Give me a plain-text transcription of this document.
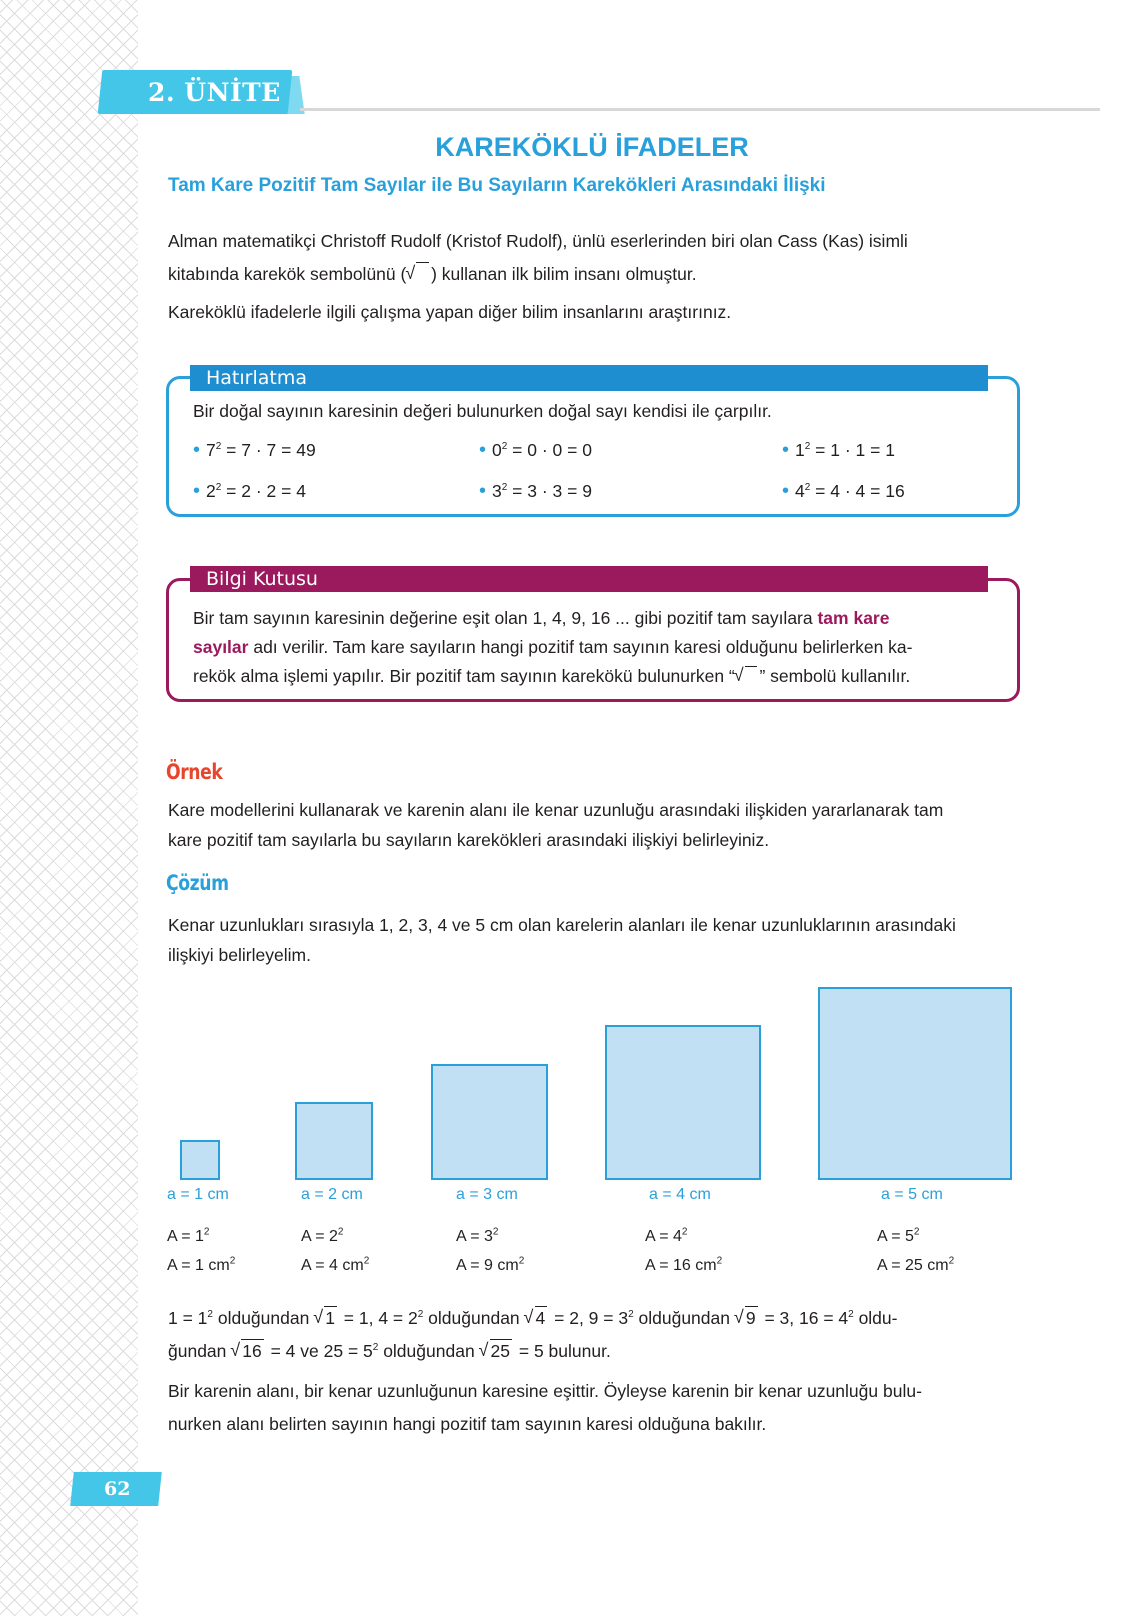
2. ÜNİTE
KAREKÖKLÜ İFADELER
Tam Kare Pozitif Tam Sayılar ile Bu Sayıların Karekökleri Arasındaki İlişki
Alman matematikçi Christoff Rudolf (Kristof Rudolf), ünlü eserlerinden biri olan Cass (Kas) isimli
kitabında karekök sembolünü ( √ ) kullanan ilk bilim insanı olmuştur.
Kareköklü ifadelerle ilgili çalışma yapan diğer bilim insanlarını araştırınız.
Hatırlatma
Bir doğal sayının karesinin değeri bulunurken doğal sayı kendisi ile çarpılır.
• $7^2 = 7 \cdot 7 = 49$	• $0^2 = 0 \cdot 0 = 0$	• $1^2 = 1 \cdot 1 = 1$
• $2^2 = 2 \cdot 2 = 4$	• $3^2 = 3 \cdot 3 = 9$	• $4^2 = 4 \cdot 4 = 16$
Bilgi Kutusu
Bir tam sayının karesinin değerine eşit olan 1, 4, 9, 16 ... gibi pozitif tam sayılara tam kare
sayılar adı verilir. Tam kare sayıların hangi pozitif tam sayının karesi olduğunu belirlerken ka-
rekök alma işlemi yapılır. Bir pozitif tam sayının karekökü bulunurken “ √ ” sembolü kullanılır.
Örnek
Kare modellerini kullanarak ve karenin alanı ile kenar uzunluğu arasındaki ilişkiden yararlanarak tam
kare pozitif tam sayılarla bu sayıların karekökleri arasındaki ilişkiyi belirleyiniz.
Çözüm
Kenar uzunlukları sırasıyla 1, 2, 3, 4 ve 5 cm olan karelerin alanları ile kenar uzunluklarının arasındaki
ilişkiyi belirleyelim.
a = 1 cm	a = 2 cm	a = 3 cm	a = 4 cm	a = 5 cm
$A = 1^2$	$A = 2^2$	$A = 3^2$	$A = 4^2$	$A = 5^2$
A = 1 $cm^2$	A = 4 $cm^2$	A = 9 $cm^2$	A = 16 $cm^2$	A = 25 $cm^2$
$1 = 1^2$ olduğundan √ 1 = 1, $4 = 2^2$ olduğundan √ 4 = 2, $9 = 3^2$ olduğundan √ 9 = 3, $16 = 4^2$ oldu-
ğundan √ 16 = 4 ve $25 = 5^2$ olduğundan √ 25 = 5 bulunur.
Bir karenin alanı, bir kenar uzunluğunun karesine eşittir. Öyleyse karenin bir kenar uzunluğu bulu-
nurken alanı belirten sayının hangi pozitif tam sayının karesi olduğuna bakılır.
62
